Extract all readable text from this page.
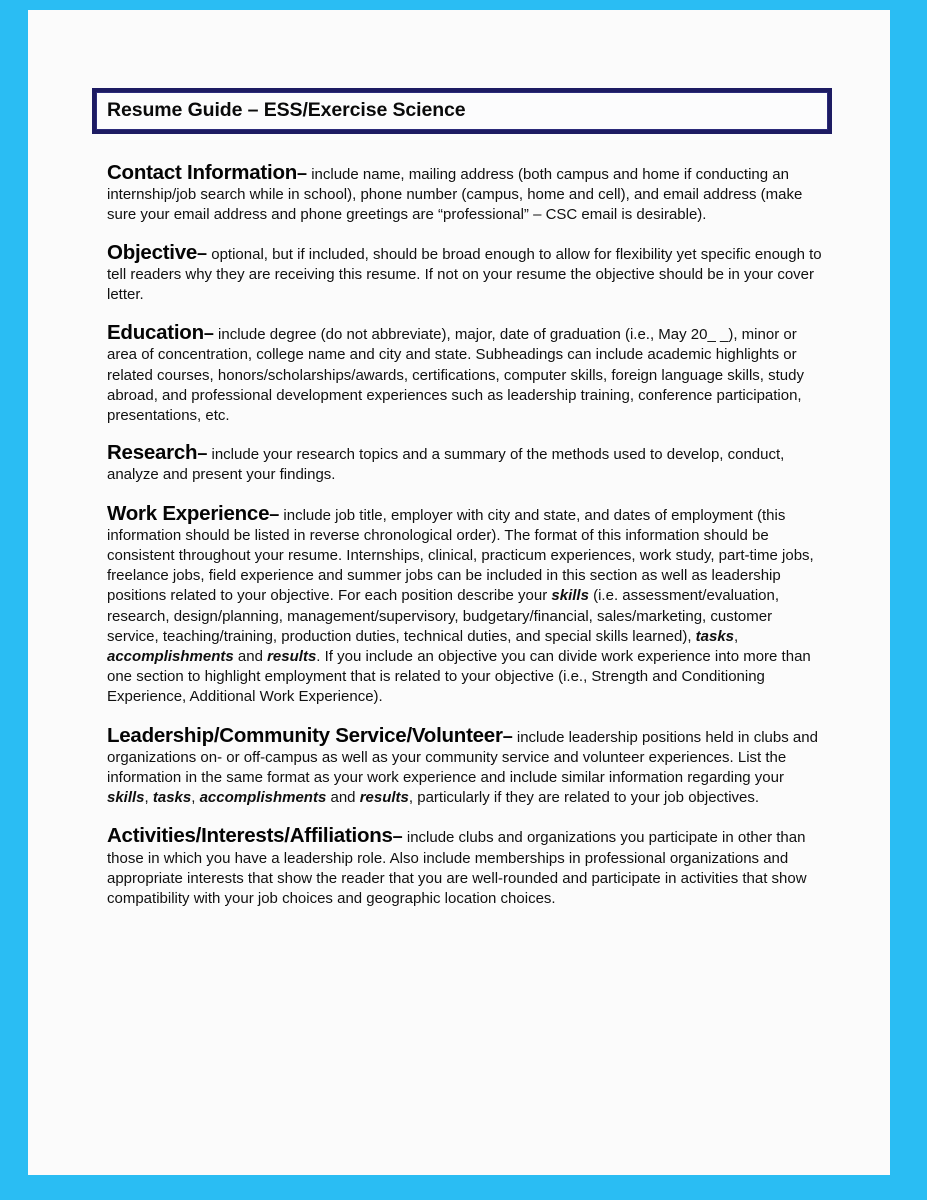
Resume Guide – ESS/Exercise Science

Contact Information– include name, mailing address (both campus and home if conducting an internship/job search while in school), phone number (campus, home and cell), and email address (make sure your email address and phone greetings are “professional” – CSC email is desirable).

Objective– optional, but if included, should be broad enough to allow for flexibility yet specific enough to tell readers why they are receiving this resume. If not on your resume the objective should be in your cover letter.

Education– include degree (do not abbreviate), major, date of graduation (i.e., May 20_ _), minor or area of concentration, college name and city and state. Subheadings can include academic highlights or related courses, honors/scholarships/awards, certifications, computer skills, foreign language skills, study abroad, and professional development experiences such as leadership training, conference participation, presentations, etc.

Research– include your research topics and a summary of the methods used to develop, conduct, analyze and present your findings.

Work Experience– include job title, employer with city and state, and dates of employment (this information should be listed in reverse chronological order). The format of this information should be consistent throughout your resume. Internships, clinical, practicum experiences, work study, part-time jobs, freelance jobs, field experience and summer jobs can be included in this section as well as leadership positions related to your objective. For each position describe your skills (i.e. assessment/evaluation, research, design/planning, management/supervisory, budgetary/financial, sales/marketing, customer service, teaching/training, production duties, technical duties, and special skills learned), tasks, accomplishments and results. If you include an objective you can divide work experience into more than one section to highlight employment that is related to your objective (i.e., Strength and Conditioning Experience, Additional Work Experience).

Leadership/Community Service/Volunteer– include leadership positions held in clubs and organizations on- or off-campus as well as your community service and volunteer experiences. List the information in the same format as your work experience and include similar information regarding your skills, tasks, accomplishments and results, particularly if they are related to your job objectives.

Activities/Interests/Affiliations– include clubs and organizations you participate in other than those in which you have a leadership role. Also include memberships in professional organizations and appropriate interests that show the reader that you are well-rounded and participate in activities that show compatibility with your job choices and geographic location choices.
